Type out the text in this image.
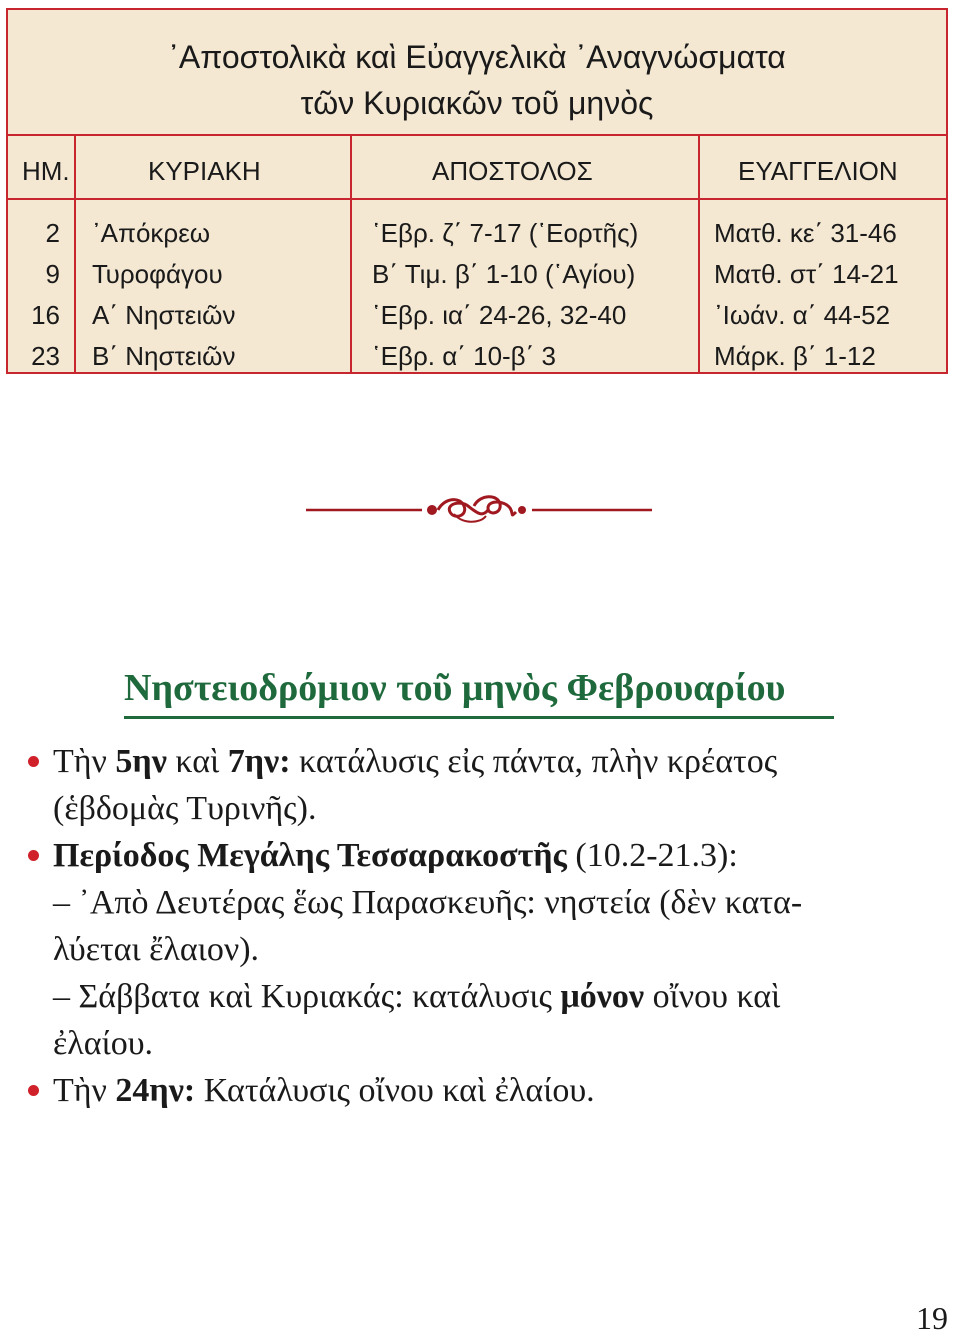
᾿Αποστολικὰ καὶ Εὐαγγελικὰ ᾿Αναγνώσματα
τῶν Κυριακῶν τοῦ μηνὸς
ΗΜ.	ΚΥΡΙΑΚΗ	ΑΠΟΣΤΟΛΟΣ	ΕΥΑΓΓΕΛΙΟΝ
2 ᾿Απόκρεω	῾Εβρ. ζ΄ 7-17 (῾Εορτῆς)	Ματθ. κε΄ 31-46
9 Τυροφάγου	Β΄ Τιμ. β΄ 1-10 (῾Αγίου)	Ματθ. στ΄ 14-21
16 Α΄ Νηστειῶν	῾Εβρ. ια΄ 24-26, 32-40	᾿Ιωάν. α΄ 44-52
23 Β΄ Νηστειῶν	῾Εβρ. α΄ 10-β΄ 3	Μάρκ. β΄ 1-12
Νηστειοδρόμιον τοῦ μηνὸς Φεβρουαρίου
Τὴν 5ην καὶ 7ην: κατάλυσις εἰς πάντα, πλὴν κρέατος
(ἑβδομὰς Τυρινῆς).
Περίοδος Μεγάλης Τεσσαρακοστῆς (10.2-21.3):
– ᾿Απὸ Δευτέρας ἕως Παρασκευῆς: νηστεία (δὲν κατα-
λύεται ἔλαιον).
– Σάββατα καὶ Κυριακάς: κατάλυσις μόνον οἴνου καὶ
ἐλαίου.
Τὴν 24ην: Κατάλυσις οἴνου καὶ ἐλαίου.
19
